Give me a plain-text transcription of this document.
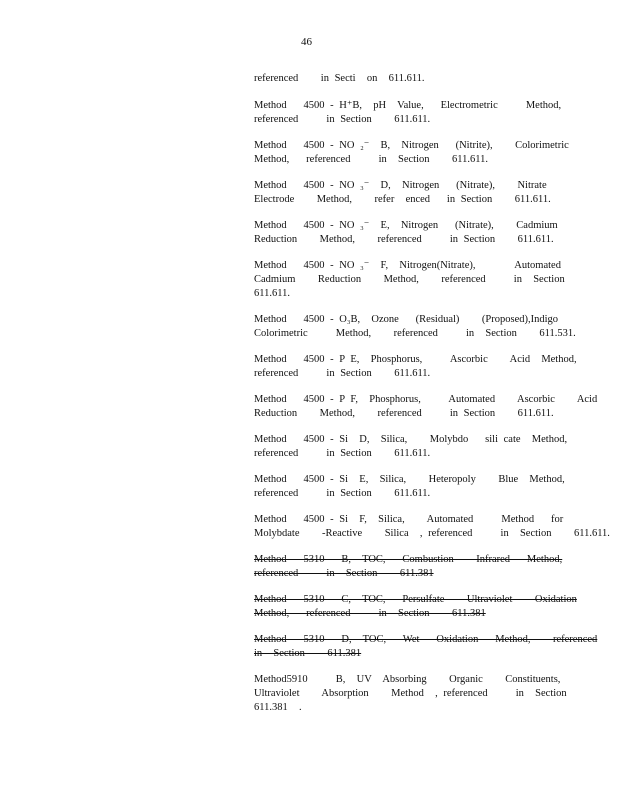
46
referenced    in Secti  on  611.611.
Method   4500 - H⁺B,  pH  Value,   Electrometric     Method,
referenced     in Section    611.611.
Method   4500 - NO ₂⁻  B,  Nitrogen   (Nitrite),    Colorimetric
Method,   referenced     in  Section    611.611.
Method   4500 - NO ₃⁻  D,  Nitrogen   (Nitrate),    Nitrate
Electrode    Method,    refer  enced   in Section    611.611.
Method   4500 - NO ₃⁻  E,  Nitrogen   (Nitrate),    Cadmium
Reduction    Method,    referenced     in Section    611.611.
Method   4500 - NO ₃⁻  F,  Nitrogen(Nitrate),       Automated
Cadmium    Reduction    Method,    referenced     in  Section
611.611.
Method   4500 - O₃B,  Ozone   (Residual)    (Proposed),Indigo
Colorimetric     Method,    referenced     in  Section    611.531.
Method   4500 - P E,  Phosphorus,     Ascorbic    Acid  Method,
referenced     in Section    611.611.
Method   4500 - P F,  Phosphorus,     Automated    Ascorbic    Acid
Reduction    Method,    referenced     in Section    611.611.
Method   4500 - Si  D,  Silica,    Molybdo   sili cate  Method,
referenced     in Section    611.611.
Method   4500 - Si  E,  Silica,    Heteropoly    Blue  Method,
referenced     in Section    611.611.
Method   4500 - Si  F,  Silica,    Automated     Method   for
Molybdate    -Reactive    Silica  , referenced     in  Section    611.611.
Method   5310   B,  TOC,   Combustion    Infrared   Method,
referenced     in  Section    611.381
Method   5310   C,  TOC,   Persulfate    Ultraviolet    Oxidation
Method,   referenced     in  Section    611.381
Method   5310   D,  TOC,   Wet   Oxidation   Method,    referenced
in  Section    611.381
Method5910     B,  UV  Absorbing    Organic    Constituents,
Ultraviolet    Absorption    Method  , referenced     in  Section
611.381  .
